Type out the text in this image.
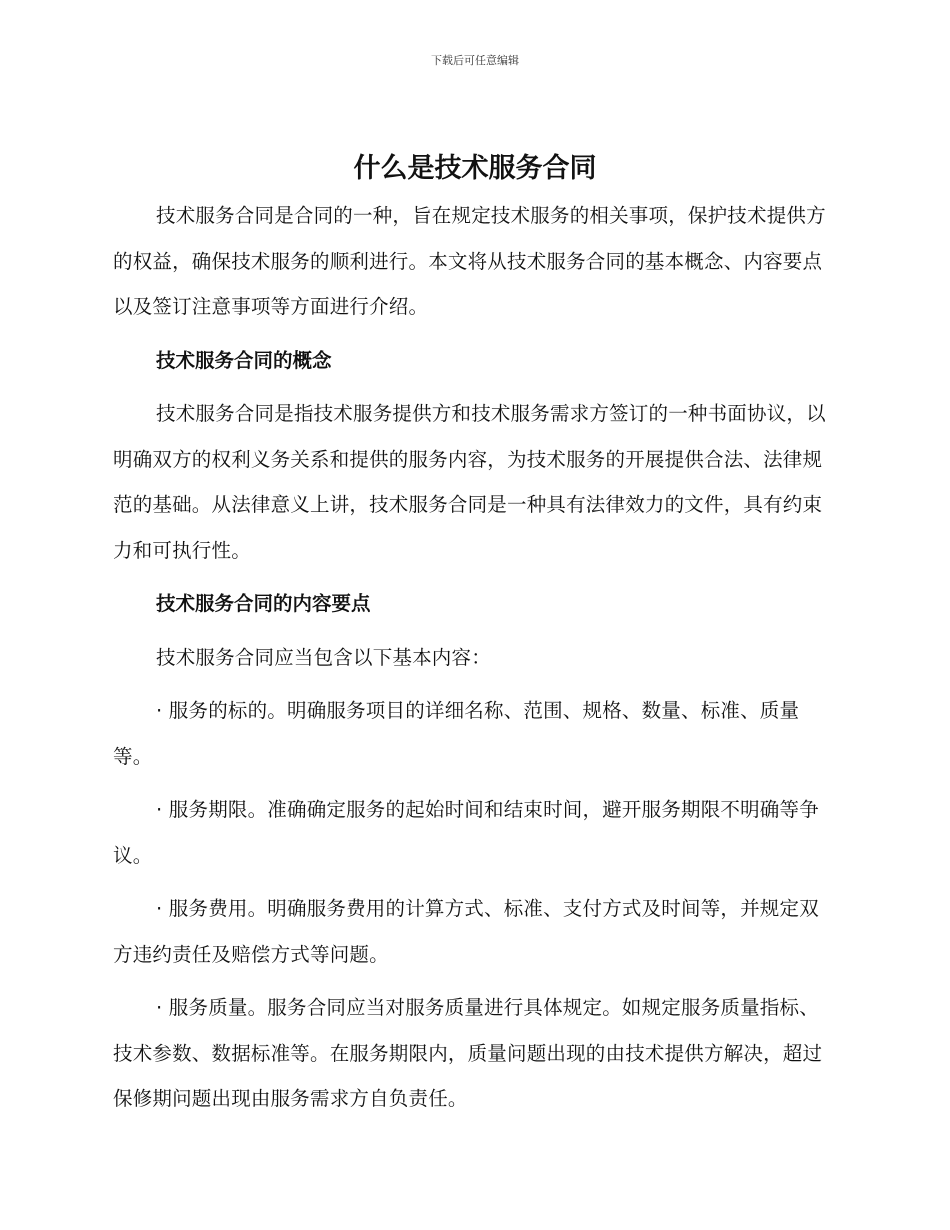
下载后可任意编辑
什么是技术服务合同

技术服务合同是合同的一种，旨在规定技术服务的相关事项，保护技术提供方的权益，确保技术服务的顺利进行。本文将从技术服务合同的基本概念、内容要点以及签订注意事项等方面进行介绍。

技术服务合同的概念

技术服务合同是指技术服务提供方和技术服务需求方签订的一种书面协议，以明确双方的权利义务关系和提供的服务内容，为技术服务的开展提供合法、法律规范的基础。从法律意义上讲，技术服务合同是一种具有法律效力的文件，具有约束力和可执行性。

技术服务合同的内容要点

技术服务合同应当包含以下基本内容：

· 服务的标的。明确服务项目的详细名称、范围、规格、数量、标准、质量等。

· 服务期限。准确确定服务的起始时间和结束时间，避开服务期限不明确等争议。

· 服务费用。明确服务费用的计算方式、标准、支付方式及时间等，并规定双方违约责任及赔偿方式等问题。

· 服务质量。服务合同应当对服务质量进行具体规定。如规定服务质量指标、技术参数、数据标准等。在服务期限内，质量问题出现的由技术提供方解决，超过保修期问题出现由服务需求方自负责任。
